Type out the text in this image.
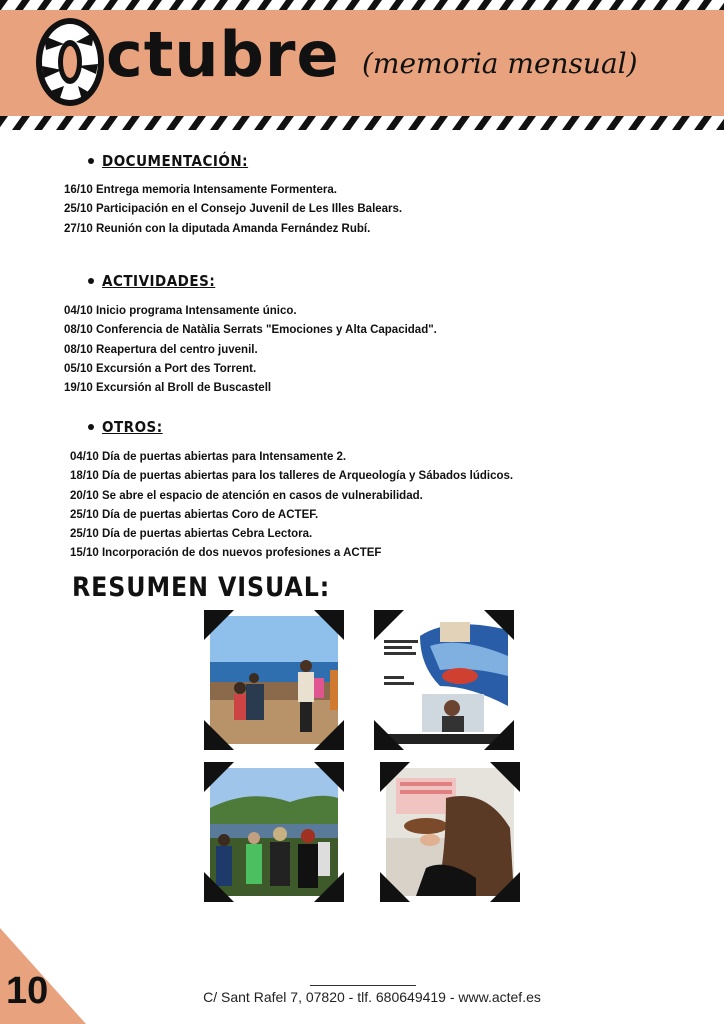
O ctubre (memoria mensual)
DOCUMENTACIÓN:
16/10 Entrega memoria Intensamente Formentera.
25/10 Participación en el Consejo Juvenil de Les Illes Balears.
27/10 Reunión con la diputada Amanda Fernández Rubí.
ACTIVIDADES:
04/10 Inicio programa Intensamente único.
08/10 Conferencia de Natàlia Serrats "Emociones y Alta Capacidad".
08/10 Reapertura del centro juvenil.
05/10 Excursión a Port des Torrent.
19/10 Excursión al Broll de Buscastell
OTROS:
04/10 Día de puertas abiertas para Intensamente 2.
18/10 Día de puertas abiertas para los talleres de Arqueología y Sábados lúdicos.
20/10 Se abre el espacio de atención en casos de vulnerabilidad.
25/10 Día de puertas abiertas Coro de ACTEF.
25/10 Día de puertas abiertas Cebra Lectora.
15/10 Incorporación de dos nuevos profesiones a ACTEF
RESUMEN VISUAL:
10	C/ Sant Rafel 7, 07820 - tlf. 680649419 - www.actef.es
